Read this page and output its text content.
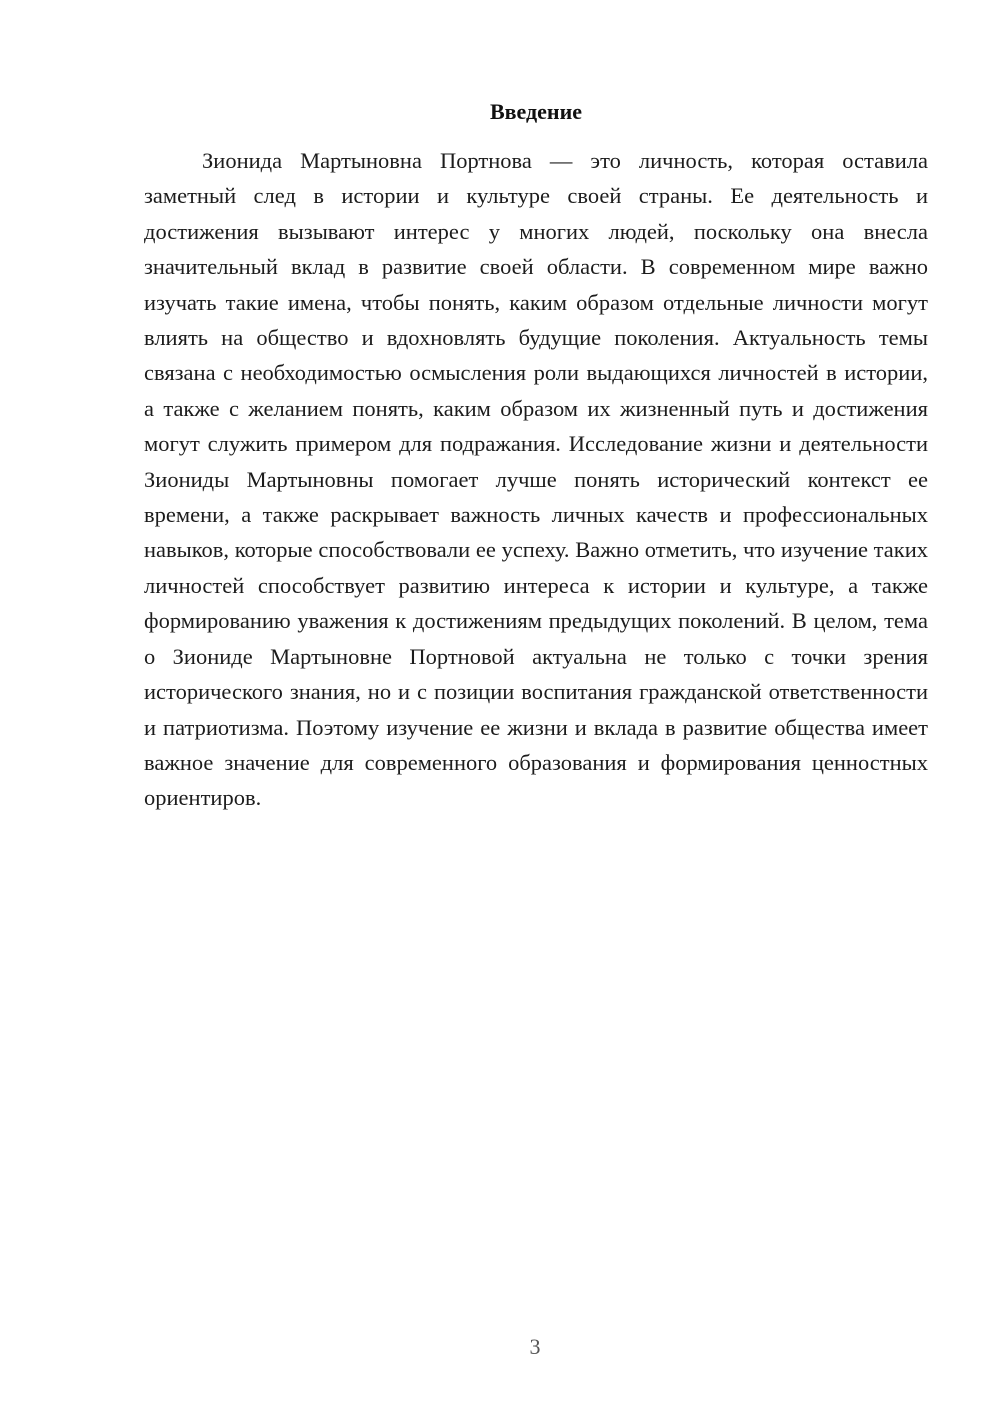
Введение

Зионида Мартыновна Портнова — это личность, которая оставила заметный след в истории и культуре своей страны. Ее деятельность и достижения вызывают интерес у многих людей, поскольку она внесла значительный вклад в развитие своей области. В современном мире важно изучать такие имена, чтобы понять, каким образом отдельные личности могут влиять на общество и вдохновлять будущие поколения. Актуальность темы связана с необходимостью осмысления роли выдающихся личностей в истории, а также с желанием понять, каким образом их жизненный путь и достижения могут служить примером для подражания. Исследование жизни и деятельности Зиониды Мартыновны помогает лучше понять исторический контекст ее времени, а также раскрывает важность личных качеств и профессиональных навыков, которые способствовали ее успеху. Важно отметить, что изучение таких личностей способствует развитию интереса к истории и культуре, а также формированию уважения к достижениям предыдущих поколений. В целом, тема о Зиониде Мартыновне Портновой актуальна не только с точки зрения исторического знания, но и с позиции воспитания гражданской ответственности и патриотизма. Поэтому изучение ее жизни и вклада в развитие общества имеет важное значение для современного образования и формирования ценностных ориентиров.

3
